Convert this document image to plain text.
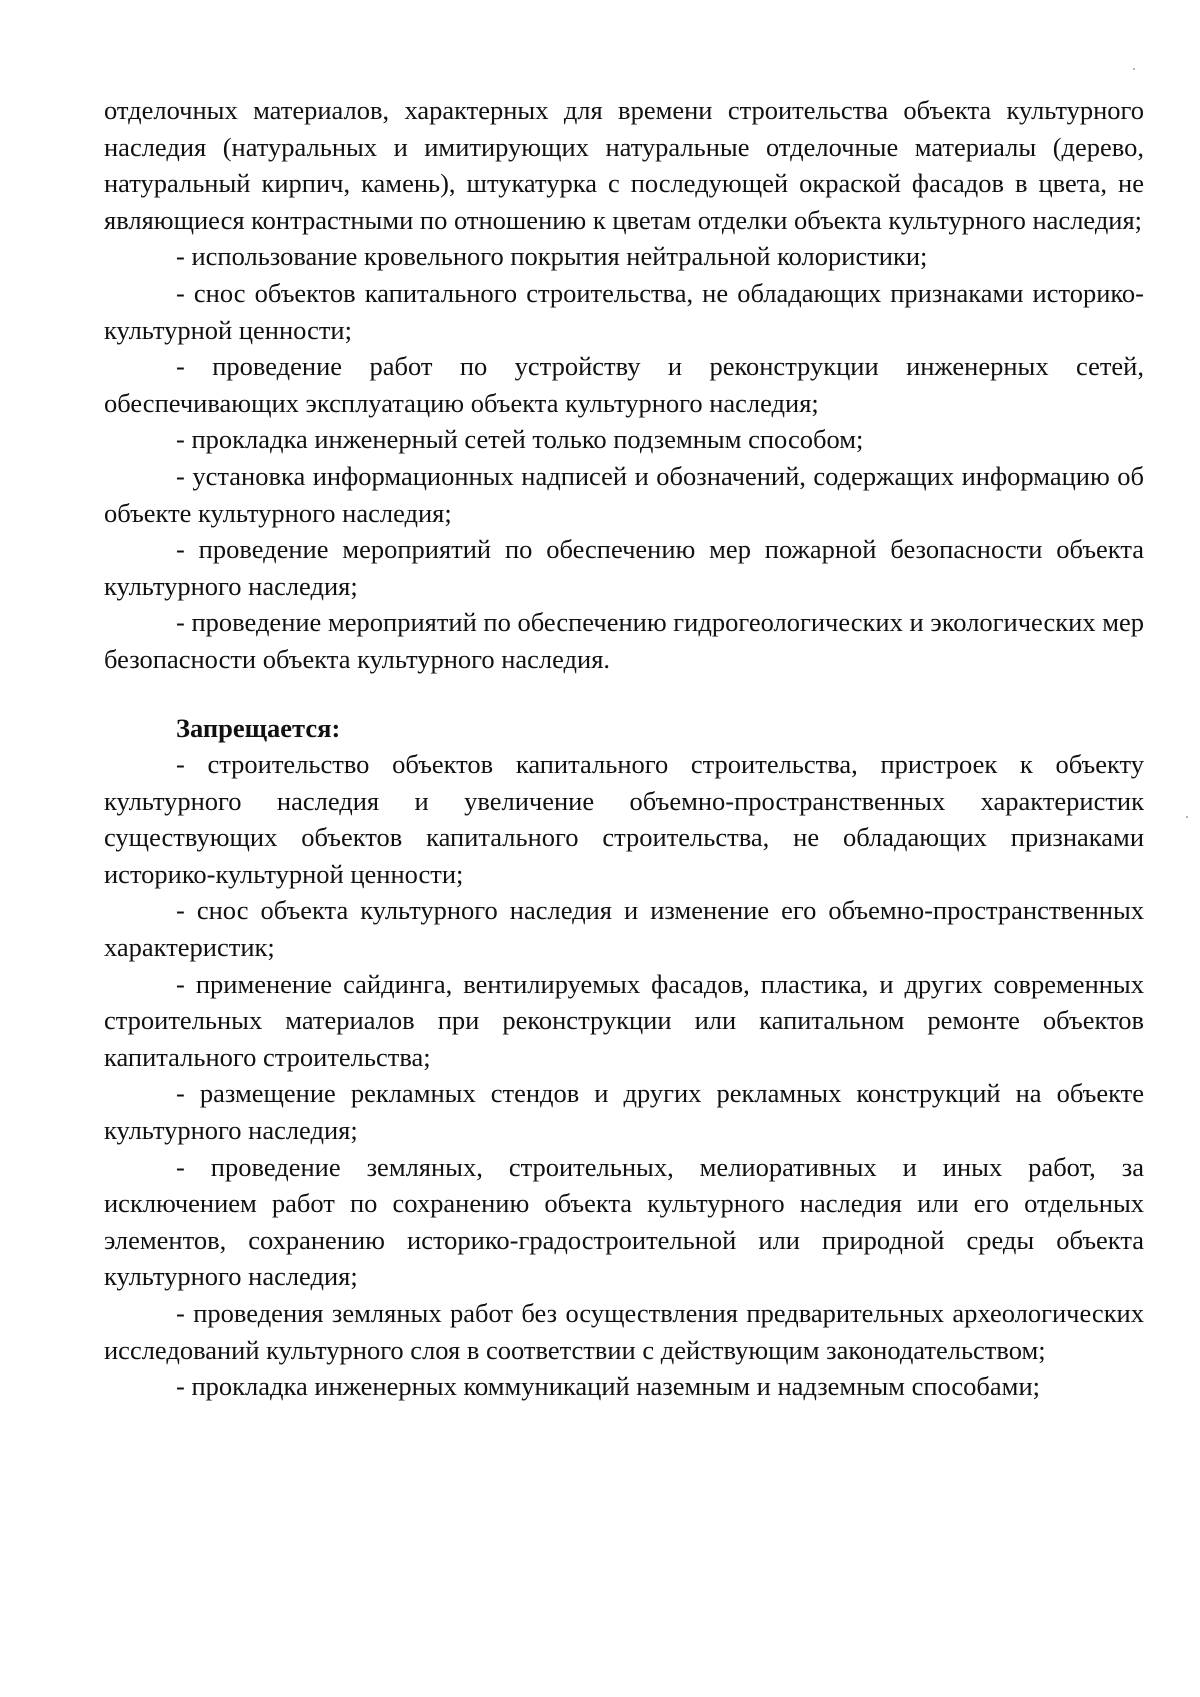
отделочных материалов, характерных для времени строительства объекта культурного наследия (натуральных и имитирующих натуральные отделочные материалы (дерево, натуральный кирпич, камень), штукатурка с последующей окраской фасадов в цвета, не являющиеся контрастными по отношению к цветам отделки объекта культурного наследия;

- использование кровельного покрытия нейтральной колористики;

- снос объектов капитального строительства, не обладающих признаками историко-культурной ценности;

- проведение работ по устройству и реконструкции инженерных сетей, обеспечивающих эксплуатацию объекта культурного наследия;

- прокладка инженерный сетей только подземным способом;

- установка информационных надписей и обозначений, содержащих информацию об объекте культурного наследия;

- проведение мероприятий по обеспечению мер пожарной безопасности объекта культурного наследия;

- проведение мероприятий по обеспечению гидрогеологических и экологических мер безопасности объекта культурного наследия.

Запрещается:

- строительство объектов капитального строительства, пристроек к объекту культурного наследия и увеличение объемно-пространственных характеристик существующих объектов капитального строительства, не обладающих признаками историко-культурной ценности;

- снос объекта культурного наследия и изменение его объемно-пространственных характеристик;

- применение сайдинга, вентилируемых фасадов, пластика, и других современных строительных материалов при реконструкции или капитальном ремонте объектов капитального строительства;

- размещение рекламных стендов и других рекламных конструкций на объекте культурного наследия;

- проведение земляных, строительных, мелиоративных и иных работ, за исключением работ по сохранению объекта культурного наследия или его отдельных элементов, сохранению историко-градостроительной или природной среды объекта культурного наследия;

- проведения земляных работ без осуществления предварительных археологических исследований культурного слоя в соответствии с действующим законодательством;

- прокладка инженерных коммуникаций наземным и надземным способами;
